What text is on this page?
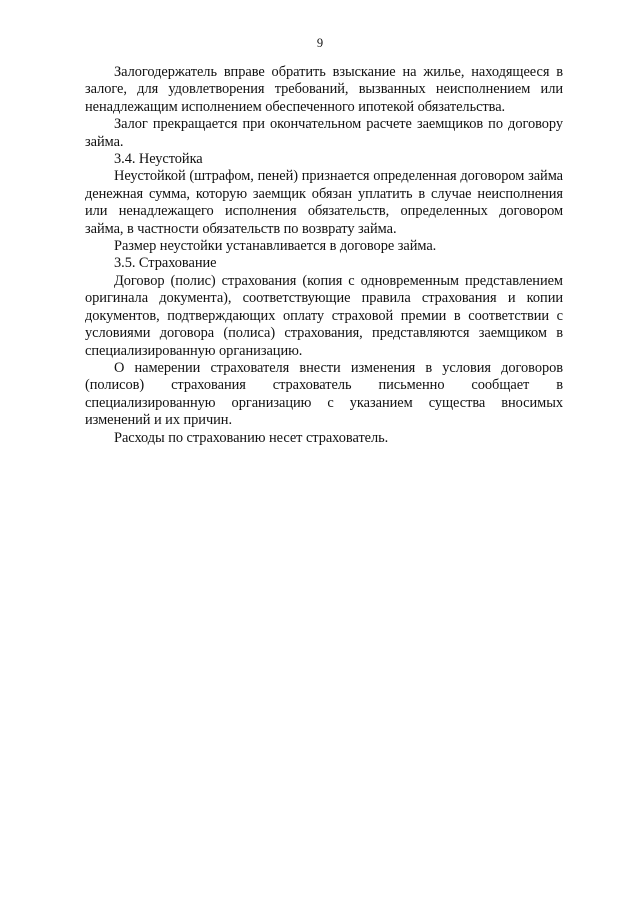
9

Залогодержатель вправе обратить взыскание на жилье, находящееся в залоге, для удовлетворения требований, вызванных неисполнением или ненадлежащим исполнением обеспеченного ипотекой обязательства.

Залог прекращается при окончательном расчете заемщиков по договору займа.

3.4. Неустойка

Неустойкой (штрафом, пеней) признается определенная договором займа денежная сумма, которую заемщик обязан уплатить в случае неисполнения или ненадлежащего исполнения обязательств, определенных договором займа, в частности обязательств по возврату займа.

Размер неустойки устанавливается в договоре займа.

3.5. Страхование

Договор (полис) страхования (копия с одновременным представлением оригинала документа), соответствующие правила страхования и копии документов, подтверждающих оплату страховой премии в соответствии с условиями договора (полиса) страхования, представляются заемщиком в специализированную организацию.

О намерении страхователя внести изменения в условия договоров (полисов) страхования страхователь письменно сообщает в специализированную организацию с указанием существа вносимых изменений и их причин.

Расходы по страхованию несет страхователь.
